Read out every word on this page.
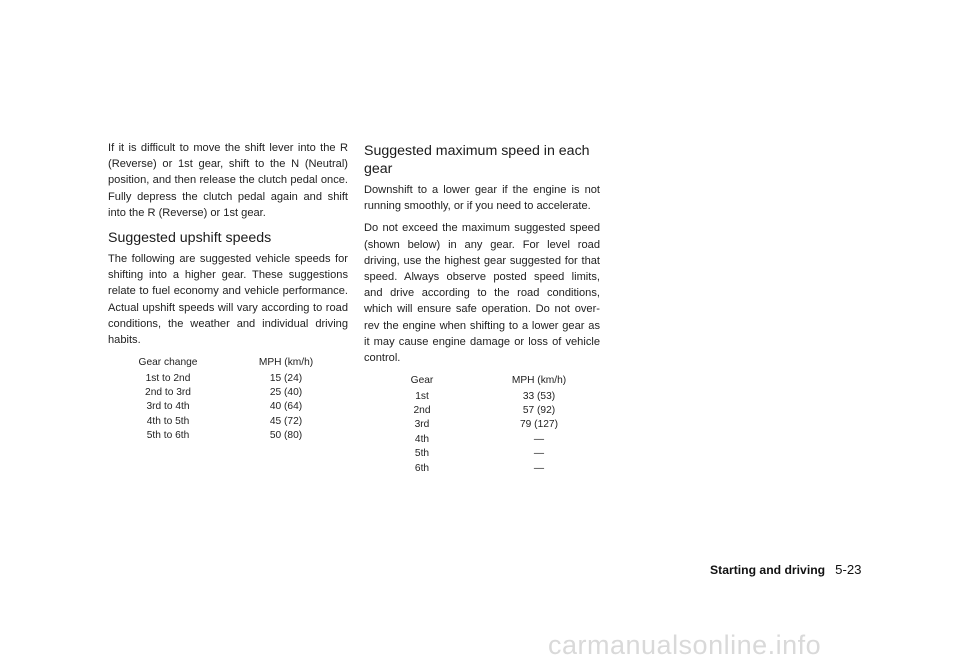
If it is difficult to move the shift lever into the R (Reverse) or 1st gear, shift to the N (Neutral) position, and then release the clutch pedal once. Fully depress the clutch pedal again and shift into the R (Reverse) or 1st gear.

Suggested upshift speeds

The following are suggested vehicle speeds for shifting into a higher gear. These suggestions relate to fuel economy and vehicle performance. Actual upshift speeds will vary according to road conditions, the weather and individual driving habits.

Gear change	MPH (km/h)
1st to 2nd	15 (24)
2nd to 3rd	25 (40)
3rd to 4th	40 (64)
4th to 5th	45 (72)
5th to 6th	50 (80)
Suggested maximum speed in each gear

Downshift to a lower gear if the engine is not running smoothly, or if you need to accelerate.

Do not exceed the maximum suggested speed (shown below) in any gear. For level road driving, use the highest gear suggested for that speed. Always observe posted speed limits, and drive according to the road conditions, which will ensure safe operation. Do not over-rev the engine when shifting to a lower gear as it may cause engine damage or loss of vehicle control.

Gear	MPH (km/h)
1st	33 (53)
2nd	57 (92)
3rd	79 (127)
4th	—
5th	—
6th	—
Starting and driving 5-23
carmanualsonline.info
